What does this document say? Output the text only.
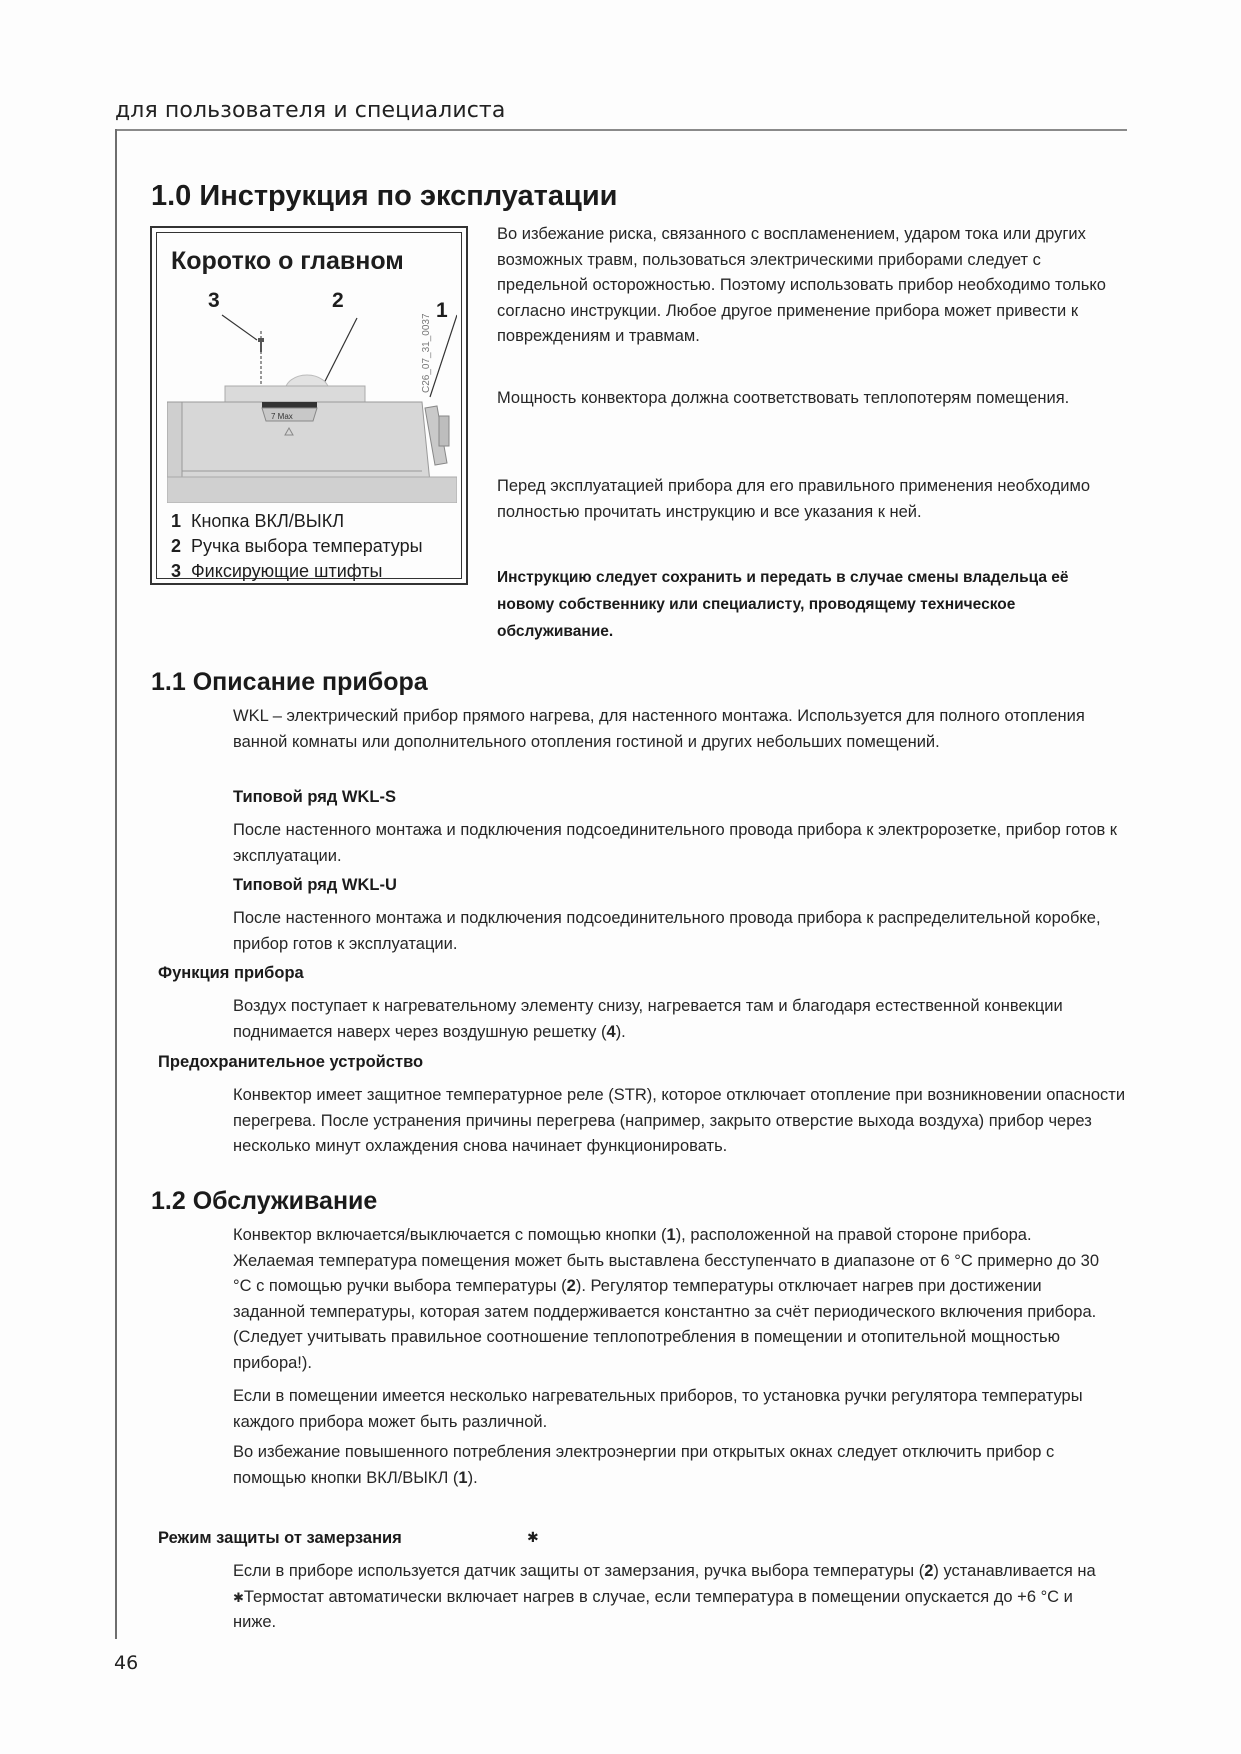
для пользователя и специалиста
1.0 Инструкция по эксплуатации
Коротко о главном
3	2	1
7 Max
C26_07_31_0037
1 Кнопка ВКЛ/ВЫКЛ
2 Ручка выбора температуры
3 Фиксирующие штифты
Во избежание риска, связанного с воспламенением, ударом тока или других возможных травм, пользоваться электрическими приборами следует с предельной осторожностью. Поэтому использовать прибор необходимо только согласно инструкции. Любое другое применение прибора может привести к повреждениям и травмам.
Мощность конвектора должна соответствовать теплопотерям помещения.
Перед эксплуатацией прибора для его правильного применения необходимо полностью прочитать инструкцию и все указания к ней.
Инструкцию следует сохранить и передать в случае смены владельца её новому собственнику или специалисту, проводящему техническое обслуживание.
1.1 Описание прибора
WKL – электрический прибор прямого нагрева, для настенного монтажа. Используется для полного отопления ванной комнаты или дополнительного отопления гостиной и других небольших помещений.
Типовой ряд WKL-S
После настенного монтажа и подключения подсоединительного провода прибора к электророзетке, прибор готов к эксплуатации.
Типовой ряд WKL-U
После настенного монтажа и подключения подсоединительного провода прибора к распределительной коробке, прибор готов к эксплуатации.
Функция прибора
Воздух поступает к нагревательному элементу снизу, нагревается там и благодаря естественной конвекции поднимается наверх через воздушную решетку (4).
Предохранительное устройство
Конвектор имеет защитное температурное реле (STR), которое отключает отопление при возникновении опасности перегрева. После устранения причины перегрева (например, закрыто отверстие выхода воздуха) прибор через несколько минут охлаждения снова начинает функционировать.
1.2 Обслуживание
Конвектор включается/выключается с помощью кнопки (1), расположенной на правой стороне прибора. Желаемая температура помещения может быть выставлена бесступенчато в диапазоне от 6 °C примерно до 30 °C с помощью ручки выбора температуры (2). Регулятор температуры отключает нагрев при достижении заданной температуры, которая затем поддерживается константно за счёт периодического включения прибора. (Следует учитывать правильное соотношение теплопотребления в помещении и отопительной мощностью прибора!).
Если в помещении имеется несколько нагревательных приборов, то установка ручки регулятора температуры каждого прибора может быть различной.
Во избежание повышенного потребления электроэнергии при открытых окнах следует отключить прибор с помощью кнопки ВКЛ/ВЫКЛ (1).
Режим защиты от замерзания	✱
Если в приборе используется датчик защиты от замерзания, ручка выбора температуры (2) устанавливается на ✱Термостат автоматически включает нагрев в случае, если температура в помещении опускается до +6 °C и ниже.
46
